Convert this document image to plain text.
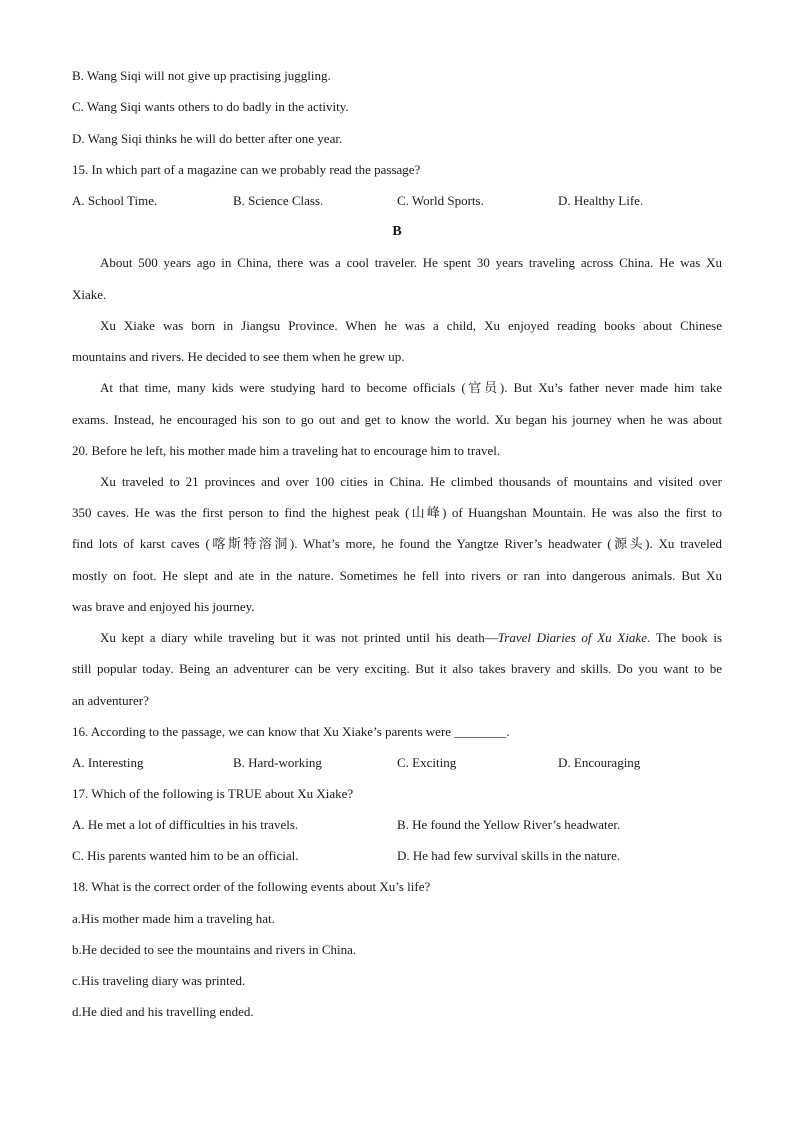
B. Wang Siqi will not give up practising juggling.
C. Wang Siqi wants others to do badly in the activity.
D. Wang Siqi thinks he will do better after one year.
15. In which part of a magazine can we probably read the passage?
A. School Time.	B. Science Class.	C. World Sports.	D. Healthy Life.
B
About 500 years ago in China, there was a cool traveler. He spent 30 years traveling across China. He was Xu
Xiake.
Xu Xiake was born in Jiangsu Province. When he was a child, Xu enjoyed reading books about Chinese
mountains and rivers. He decided to see them when he grew up.
At that time, many kids were studying hard to become officials (官员). But Xu’s father never made him take
exams. Instead, he encouraged his son to go out and get to know the world. Xu began his journey when he was about
20. Before he left, his mother made him a traveling hat to encourage him to travel.
Xu traveled to 21 provinces and over 100 cities in China. He climbed thousands of mountains and visited over
350 caves. He was the first person to find the highest peak (山峰) of Huangshan Mountain. He was also the first to
find lots of karst caves (喀斯特溶洞). What’s more, he found the Yangtze River’s headwater (源头). Xu traveled
mostly on foot. He slept and ate in the nature. Sometimes he fell into rivers or ran into dangerous animals. But Xu
was brave and enjoyed his journey.
Xu kept a diary while traveling but it was not printed until his death—Travel Diaries of Xu Xiake. The book is
still popular today. Being an adventurer can be very exciting. But it also takes bravery and skills. Do you want to be
an adventurer?
16. According to the passage, we can know that Xu Xiake’s parents were ________.
A. Interesting	B. Hard-working	C. Exciting	D. Encouraging
17. Which of the following is TRUE about Xu Xiake?
A. He met a lot of difficulties in his travels.	B. He found the Yellow River’s headwater.
C. His parents wanted him to be an official.	D. He had few survival skills in the nature.
18. What is the correct order of the following events about Xu’s life?
a.His mother made him a traveling hat.
b.He decided to see the mountains and rivers in China.
c.His traveling diary was printed.
d.He died and his travelling ended.
